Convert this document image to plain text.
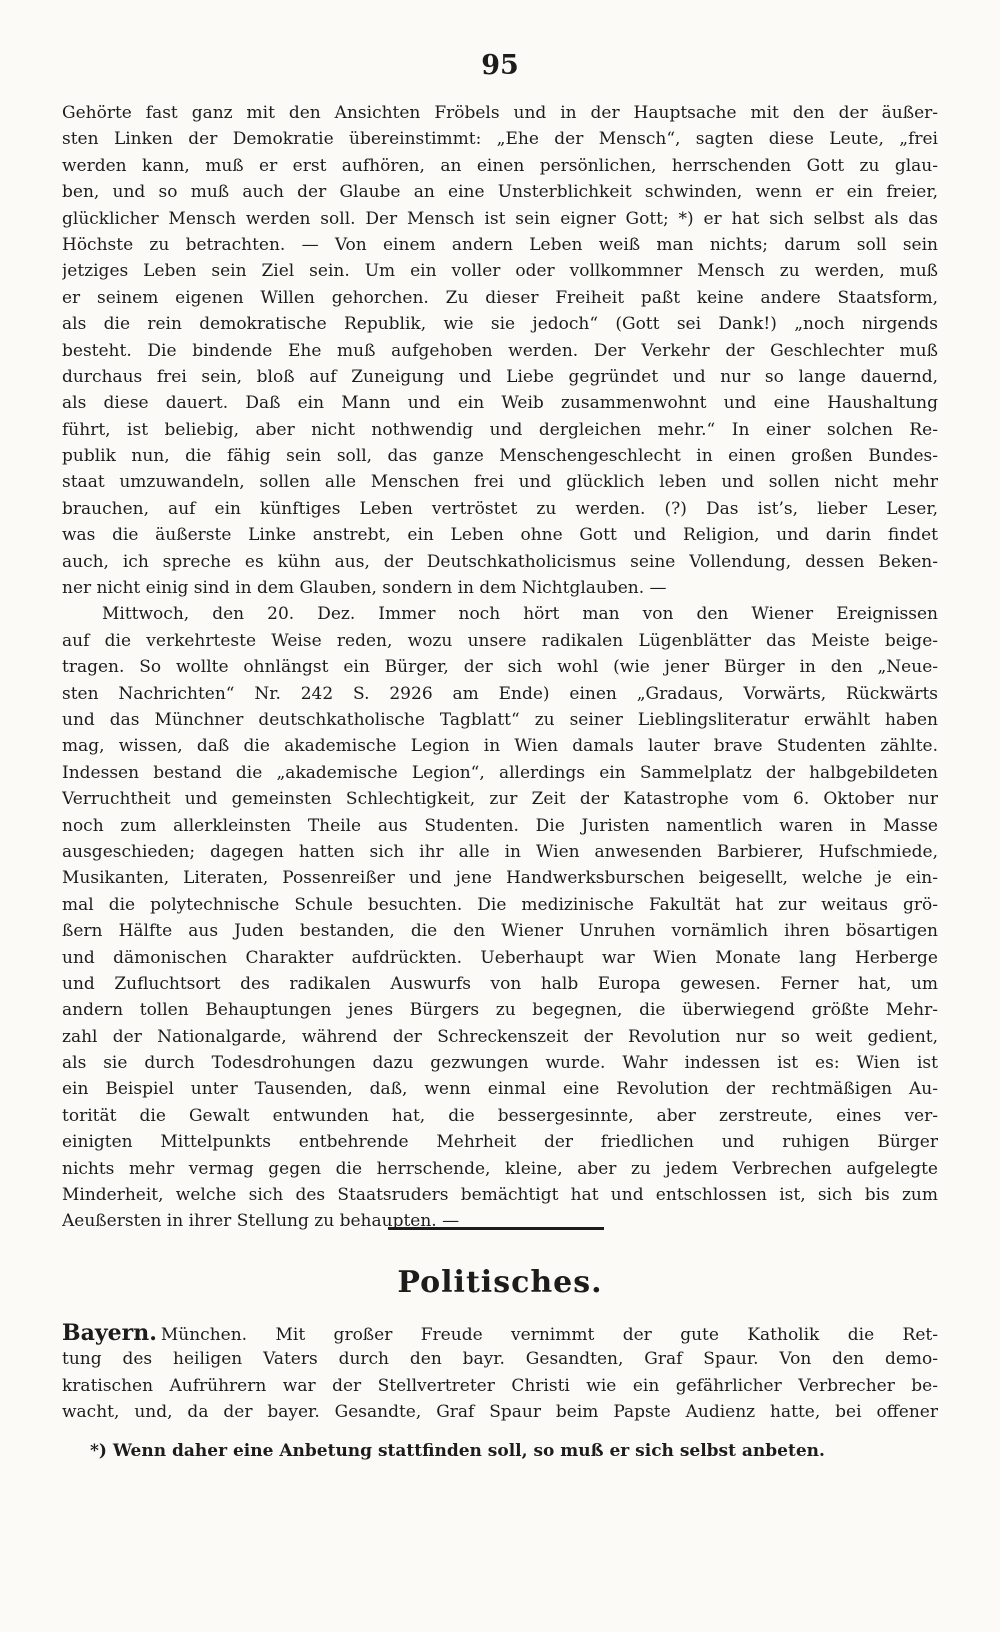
95
Gehörte fast ganz mit den Ansichten Fröbels und in der Hauptsache mit den der äußer-
sten Linken der Demokratie übereinstimmt: „Ehe der Mensch“, sagten diese Leute, „frei
werden kann, muß er erst aufhören, an einen persönlichen, herrschenden Gott zu glau-
ben, und so muß auch der Glaube an eine Unsterblichkeit schwinden, wenn er ein freier,
glücklicher Mensch werden soll. Der Mensch ist sein eigner Gott; *) er hat sich selbst als das
Höchste zu betrachten. — Von einem andern Leben weiß man nichts; darum soll sein
jetziges Leben sein Ziel sein. Um ein voller oder vollkommner Mensch zu werden, muß
er seinem eigenen Willen gehorchen. Zu dieser Freiheit paßt keine andere Staatsform,
als die rein demokratische Republik, wie sie jedoch“ (Gott sei Dank!) „noch nirgends
besteht. Die bindende Ehe muß aufgehoben werden. Der Verkehr der Geschlechter muß
durchaus frei sein, bloß auf Zuneigung und Liebe gegründet und nur so lange dauernd,
als diese dauert. Daß ein Mann und ein Weib zusammenwohnt und eine Haushaltung
führt, ist beliebig, aber nicht nothwendig und dergleichen mehr.“ In einer solchen Re-
publik nun, die fähig sein soll, das ganze Menschengeschlecht in einen großen Bundes-
staat umzuwandeln, sollen alle Menschen frei und glücklich leben und sollen nicht mehr
brauchen, auf ein künftiges Leben vertröstet zu werden. (?) Das ist’s, lieber Leser,
was die äußerste Linke anstrebt, ein Leben ohne Gott und Religion, und darin findet
auch, ich spreche es kühn aus, der Deutschkatholicismus seine Vollendung, dessen Beken-
ner nicht einig sind in dem Glauben, sondern in dem Nichtglauben. —
Mittwoch, den 20. Dez. Immer noch hört man von den Wiener Ereignissen
auf die verkehrteste Weise reden, wozu unsere radikalen Lügenblätter das Meiste beige-
tragen. So wollte ohnlängst ein Bürger, der sich wohl (wie jener Bürger in den „Neue-
sten Nachrichten“ Nr. 242 S. 2926 am Ende) einen „Gradaus, Vorwärts, Rückwärts
und das Münchner deutschkatholische Tagblatt“ zu seiner Lieblingsliteratur erwählt haben
mag, wissen, daß die akademische Legion in Wien damals lauter brave Studenten zählte.
Indessen bestand die „akademische Legion“, allerdings ein Sammelplatz der halbgebildeten
Verruchtheit und gemeinsten Schlechtigkeit, zur Zeit der Katastrophe vom 6. Oktober nur
noch zum allerkleinsten Theile aus Studenten. Die Juristen namentlich waren in Masse
ausgeschieden; dagegen hatten sich ihr alle in Wien anwesenden Barbierer, Hufschmiede,
Musikanten, Literaten, Possenreißer und jene Handwerksburschen beigesellt, welche je ein-
mal die polytechnische Schule besuchten. Die medizinische Fakultät hat zur weitaus grö-
ßern Hälfte aus Juden bestanden, die den Wiener Unruhen vornämlich ihren bösartigen
und dämonischen Charakter aufdrückten. Ueberhaupt war Wien Monate lang Herberge
und Zufluchtsort des radikalen Auswurfs von halb Europa gewesen. Ferner hat, um
andern tollen Behauptungen jenes Bürgers zu begegnen, die überwiegend größte Mehr-
zahl der Nationalgarde, während der Schreckenszeit der Revolution nur so weit gedient,
als sie durch Todesdrohungen dazu gezwungen wurde. Wahr indessen ist es: Wien ist
ein Beispiel unter Tausenden, daß, wenn einmal eine Revolution der rechtmäßigen Au-
torität die Gewalt entwunden hat, die bessergesinnte, aber zerstreute, eines ver-
einigten Mittelpunkts entbehrende Mehrheit der friedlichen und ruhigen Bürger
nichts mehr vermag gegen die herrschende, kleine, aber zu jedem Verbrechen aufgelegte
Minderheit, welche sich des Staatsruders bemächtigt hat und entschlossen ist, sich bis zum
Aeußersten in ihrer Stellung zu behaupten. —
Politisches.
Bayern. München. Mit großer Freude vernimmt der gute Katholik die Ret-
tung des heiligen Vaters durch den bayr. Gesandten, Graf Spaur. Von den demo-
kratischen Aufrührern war der Stellvertreter Christi wie ein gefährlicher Verbrecher be-
wacht, und, da der bayer. Gesandte, Graf Spaur beim Papste Audienz hatte, bei offener
*) Wenn daher eine Anbetung stattfinden soll, so muß er sich selbst anbeten.
